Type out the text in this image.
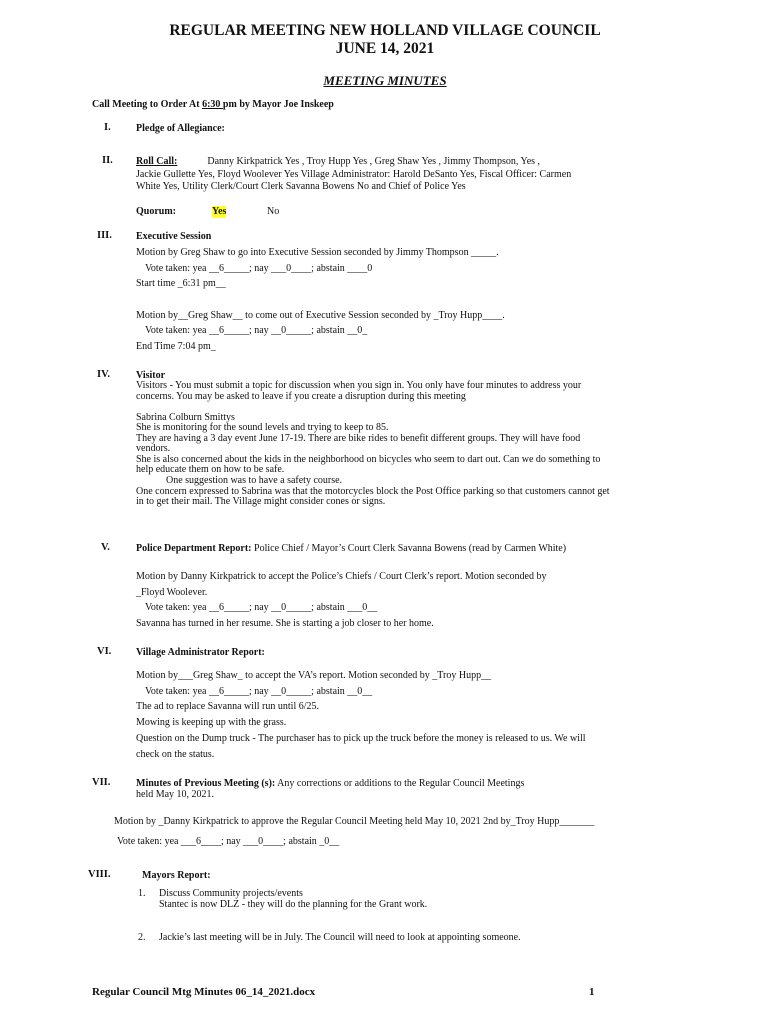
REGULAR MEETING NEW HOLLAND VILLAGE COUNCIL
JUNE 14, 2021
MEETING MINUTES
Call Meeting to Order At 6:30 pm by Mayor Joe Inskeep
I.	Pledge of Allegiance:
II. Roll Call:	Danny Kirkpatrick Yes , Troy Hupp Yes , Greg Shaw Yes , Jimmy Thompson, Yes ,
Jackie Gullette Yes, Floyd Woolever Yes Village Administrator: Harold DeSanto Yes, Fiscal Officer: Carmen
White Yes, Utility Clerk/Court Clerk Savanna Bowens No and Chief of Police Yes
Quorum:	Yes	No
III. Executive Session
Motion by Greg Shaw to go into Executive Session seconded by Jimmy Thompson _____.
Vote taken: yea __6_____; nay ___0____; abstain ____0
Start time _6:31 pm__
Motion by__Greg Shaw__ to come out of Executive Session seconded by _Troy Hupp____.
Vote taken: yea __6_____; nay __0_____; abstain __0_
End Time 7:04 pm_
IV.	Visitor
Visitors - You must submit a topic for discussion when you sign in. You only have four minutes to address your
concerns. You may be asked to leave if you create a disruption during this meeting
Sabrina Colburn Smittys
She is monitoring for the sound levels and trying to keep to 85.
They are having a 3 day event June 17-19. There are bike rides to benefit different groups. They will have food
vendors.
She is also concerned about the kids in the neighborhood on bicycles who seem to dart out. Can we do something to
help educate them on how to be safe.
One suggestion was to have a safety course.
One concern expressed to Sabrina was that the motorcycles block the Post Office parking so that customers cannot get
in to get their mail. The Village might consider cones or signs.
V.	Police Department Report: Police Chief / Mayor’s Court Clerk Savanna Bowens (read by Carmen White)
Motion by Danny Kirkpatrick to accept the Police’s Chiefs / Court Clerk’s report. Motion seconded by
_Floyd Woolever.
Vote taken: yea __6_____; nay __0_____; abstain ___0__
Savanna has turned in her resume. She is starting a job closer to her home.
VI. Village Administrator Report:
Motion by___Greg Shaw_ to accept the VA’s report. Motion seconded by _Troy Hupp__
Vote taken: yea __6_____; nay __0_____; abstain __0__
The ad to replace Savanna will run until 6/25.
Mowing is keeping up with the grass.
Question on the Dump truck - The purchaser has to pick up the truck before the money is released to us. We will
check on the status.
VII.	Minutes of Previous Meeting (s): Any corrections or additions to the Regular Council Meetings
held May 10, 2021.
Motion by _Danny Kirkpatrick to approve the Regular Council Meeting held May 10, 2021 2nd by_Troy Hupp_______
Vote taken: yea ___6____; nay ___0____; abstain _0__
VIII.	Mayors Report:
1. Discuss Community projects/events
Stantec is now DLZ - they will do the planning for the Grant work.
2. Jackie’s last meeting will be in July. The Council will need to look at appointing someone.
Regular Council Mtg Minutes 06_14_2021.docx	1
